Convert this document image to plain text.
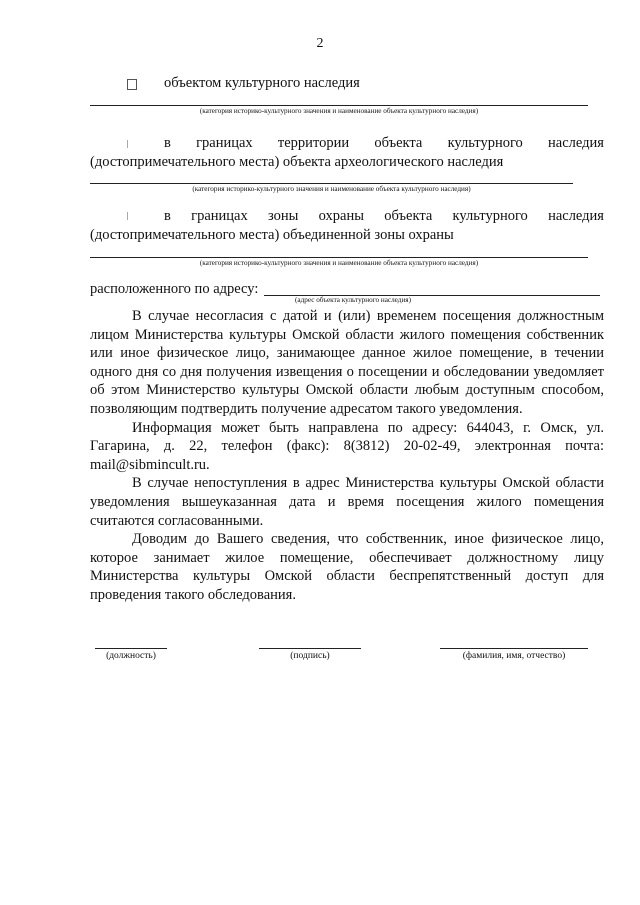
2
объектом культурного наследия
(категория историко-культурного значения и наименование объекта культурного наследия)
в границах территории объекта культурного наследия
(достопримечательного места) объекта археологического наследия
(категория историко-культурного значения и наименование объекта культурного наследия)
в границах зоны охраны объекта культурного наследия
(достопримечательного места) объединенной зоны охраны
(категория историко-культурного значения и наименование объекта культурного наследия)
расположенного по адресу:
(адрес объекта культурного наследия)

В случае несогласия с датой и (или) временем посещения должностным лицом Министерства культуры Омской области жилого помещения собственник или иное физическое лицо, занимающее данное жилое помещение, в течении одного дня со дня получения извещения о посещении и обследовании уведомляет об этом Министерство культуры Омской области любым доступным способом, позволяющим подтвердить получение адресатом такого уведомления.

Информация может быть направлена по адресу: 644043, г. Омск, ул. Гагарина, д. 22, телефон (факс): 8(3812) 20-02-49, электронная почта: mail@sibmincult.ru.

В случае непоступления в адрес Министерства культуры Омской области уведомления вышеуказанная дата и время посещения жилого помещения считаются согласованными.

Доводим до Вашего сведения, что собственник, иное физическое лицо, которое занимает жилое помещение, обеспечивает должностному лицу Министерства культуры Омской области беспрепятственный доступ для проведения такого обследования.

(должность)	(подпись)	(фамилия, имя, отчество)
